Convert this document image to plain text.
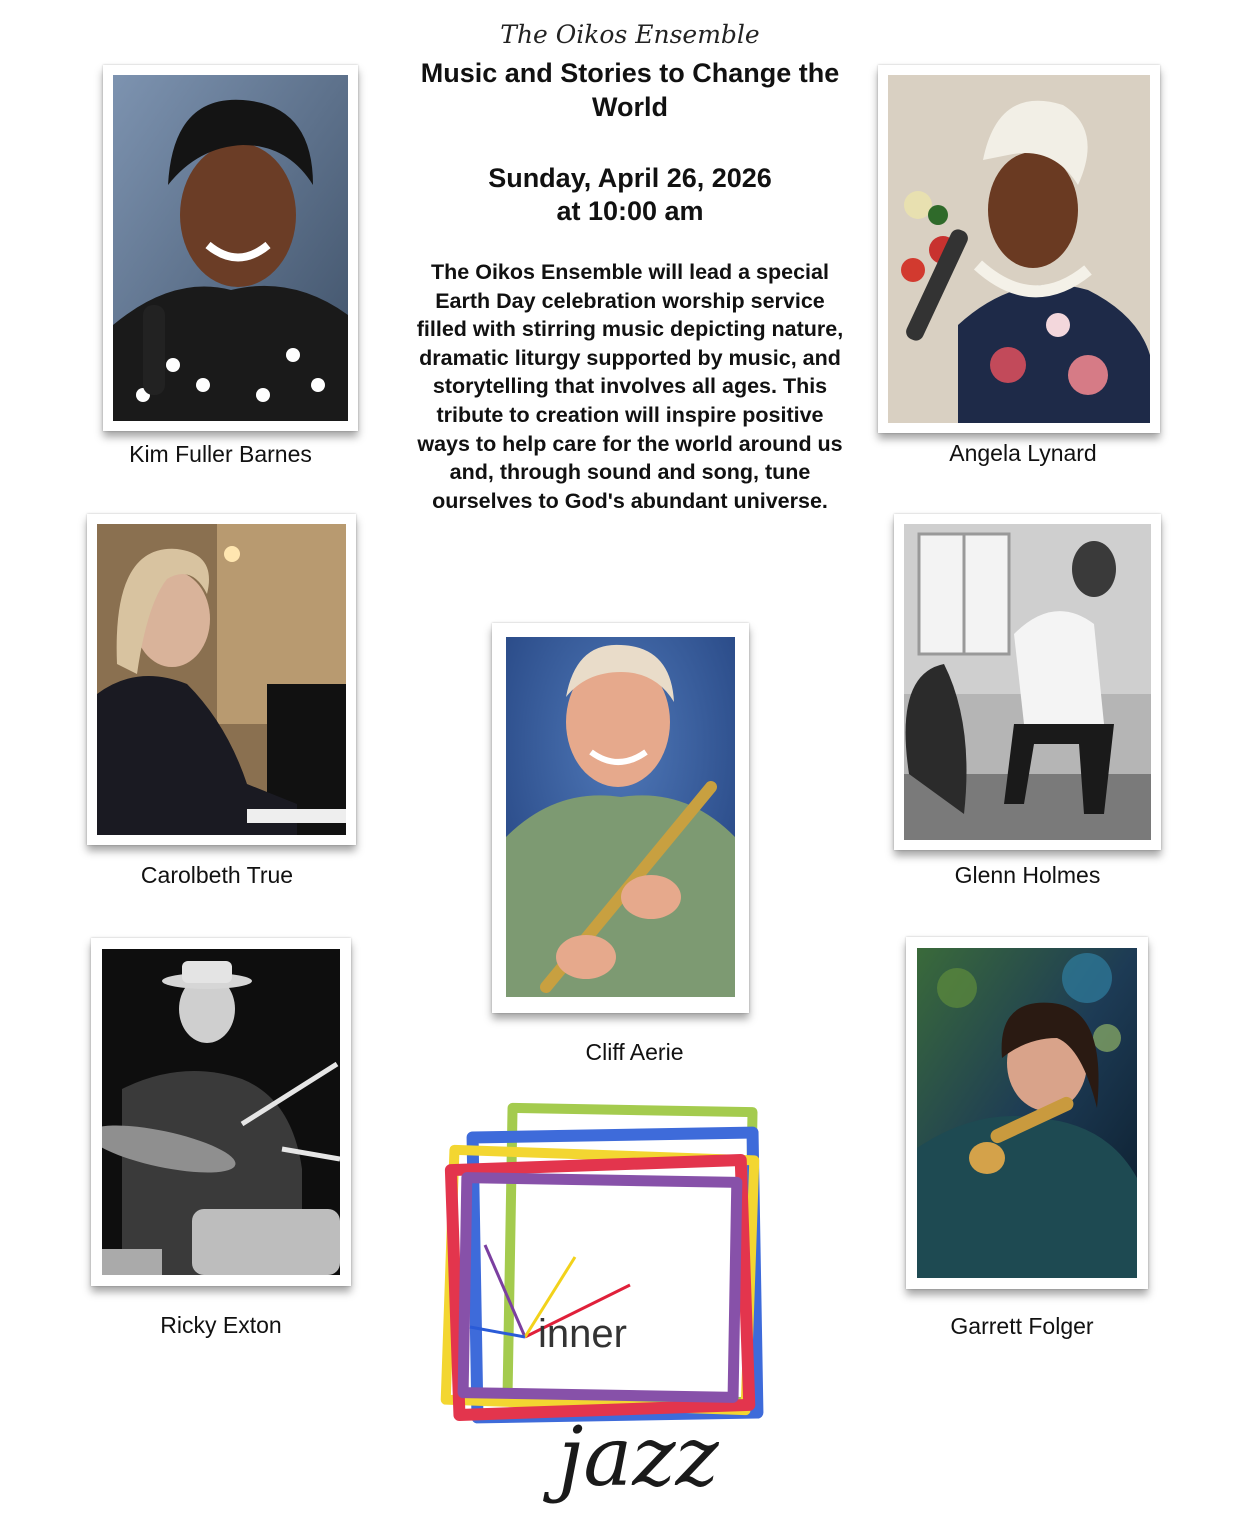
The Oikos Ensemble
Music and Stories to Change the World
Sunday, April 26, 2026
at 10:00 am
The Oikos Ensemble will lead a special Earth Day celebration worship service filled with stirring music depicting nature, dramatic liturgy supported by music, and storytelling that involves all ages. This tribute to creation will inspire positive ways to help care for the world around us and, through sound and song, tune ourselves to God's abundant universe.
Kim Fuller Barnes	Angela Lynard
Carolbeth True	Glenn Holmes
Cliff Aerie
Ricky Exton	Garrett Folger
inner
jazz
